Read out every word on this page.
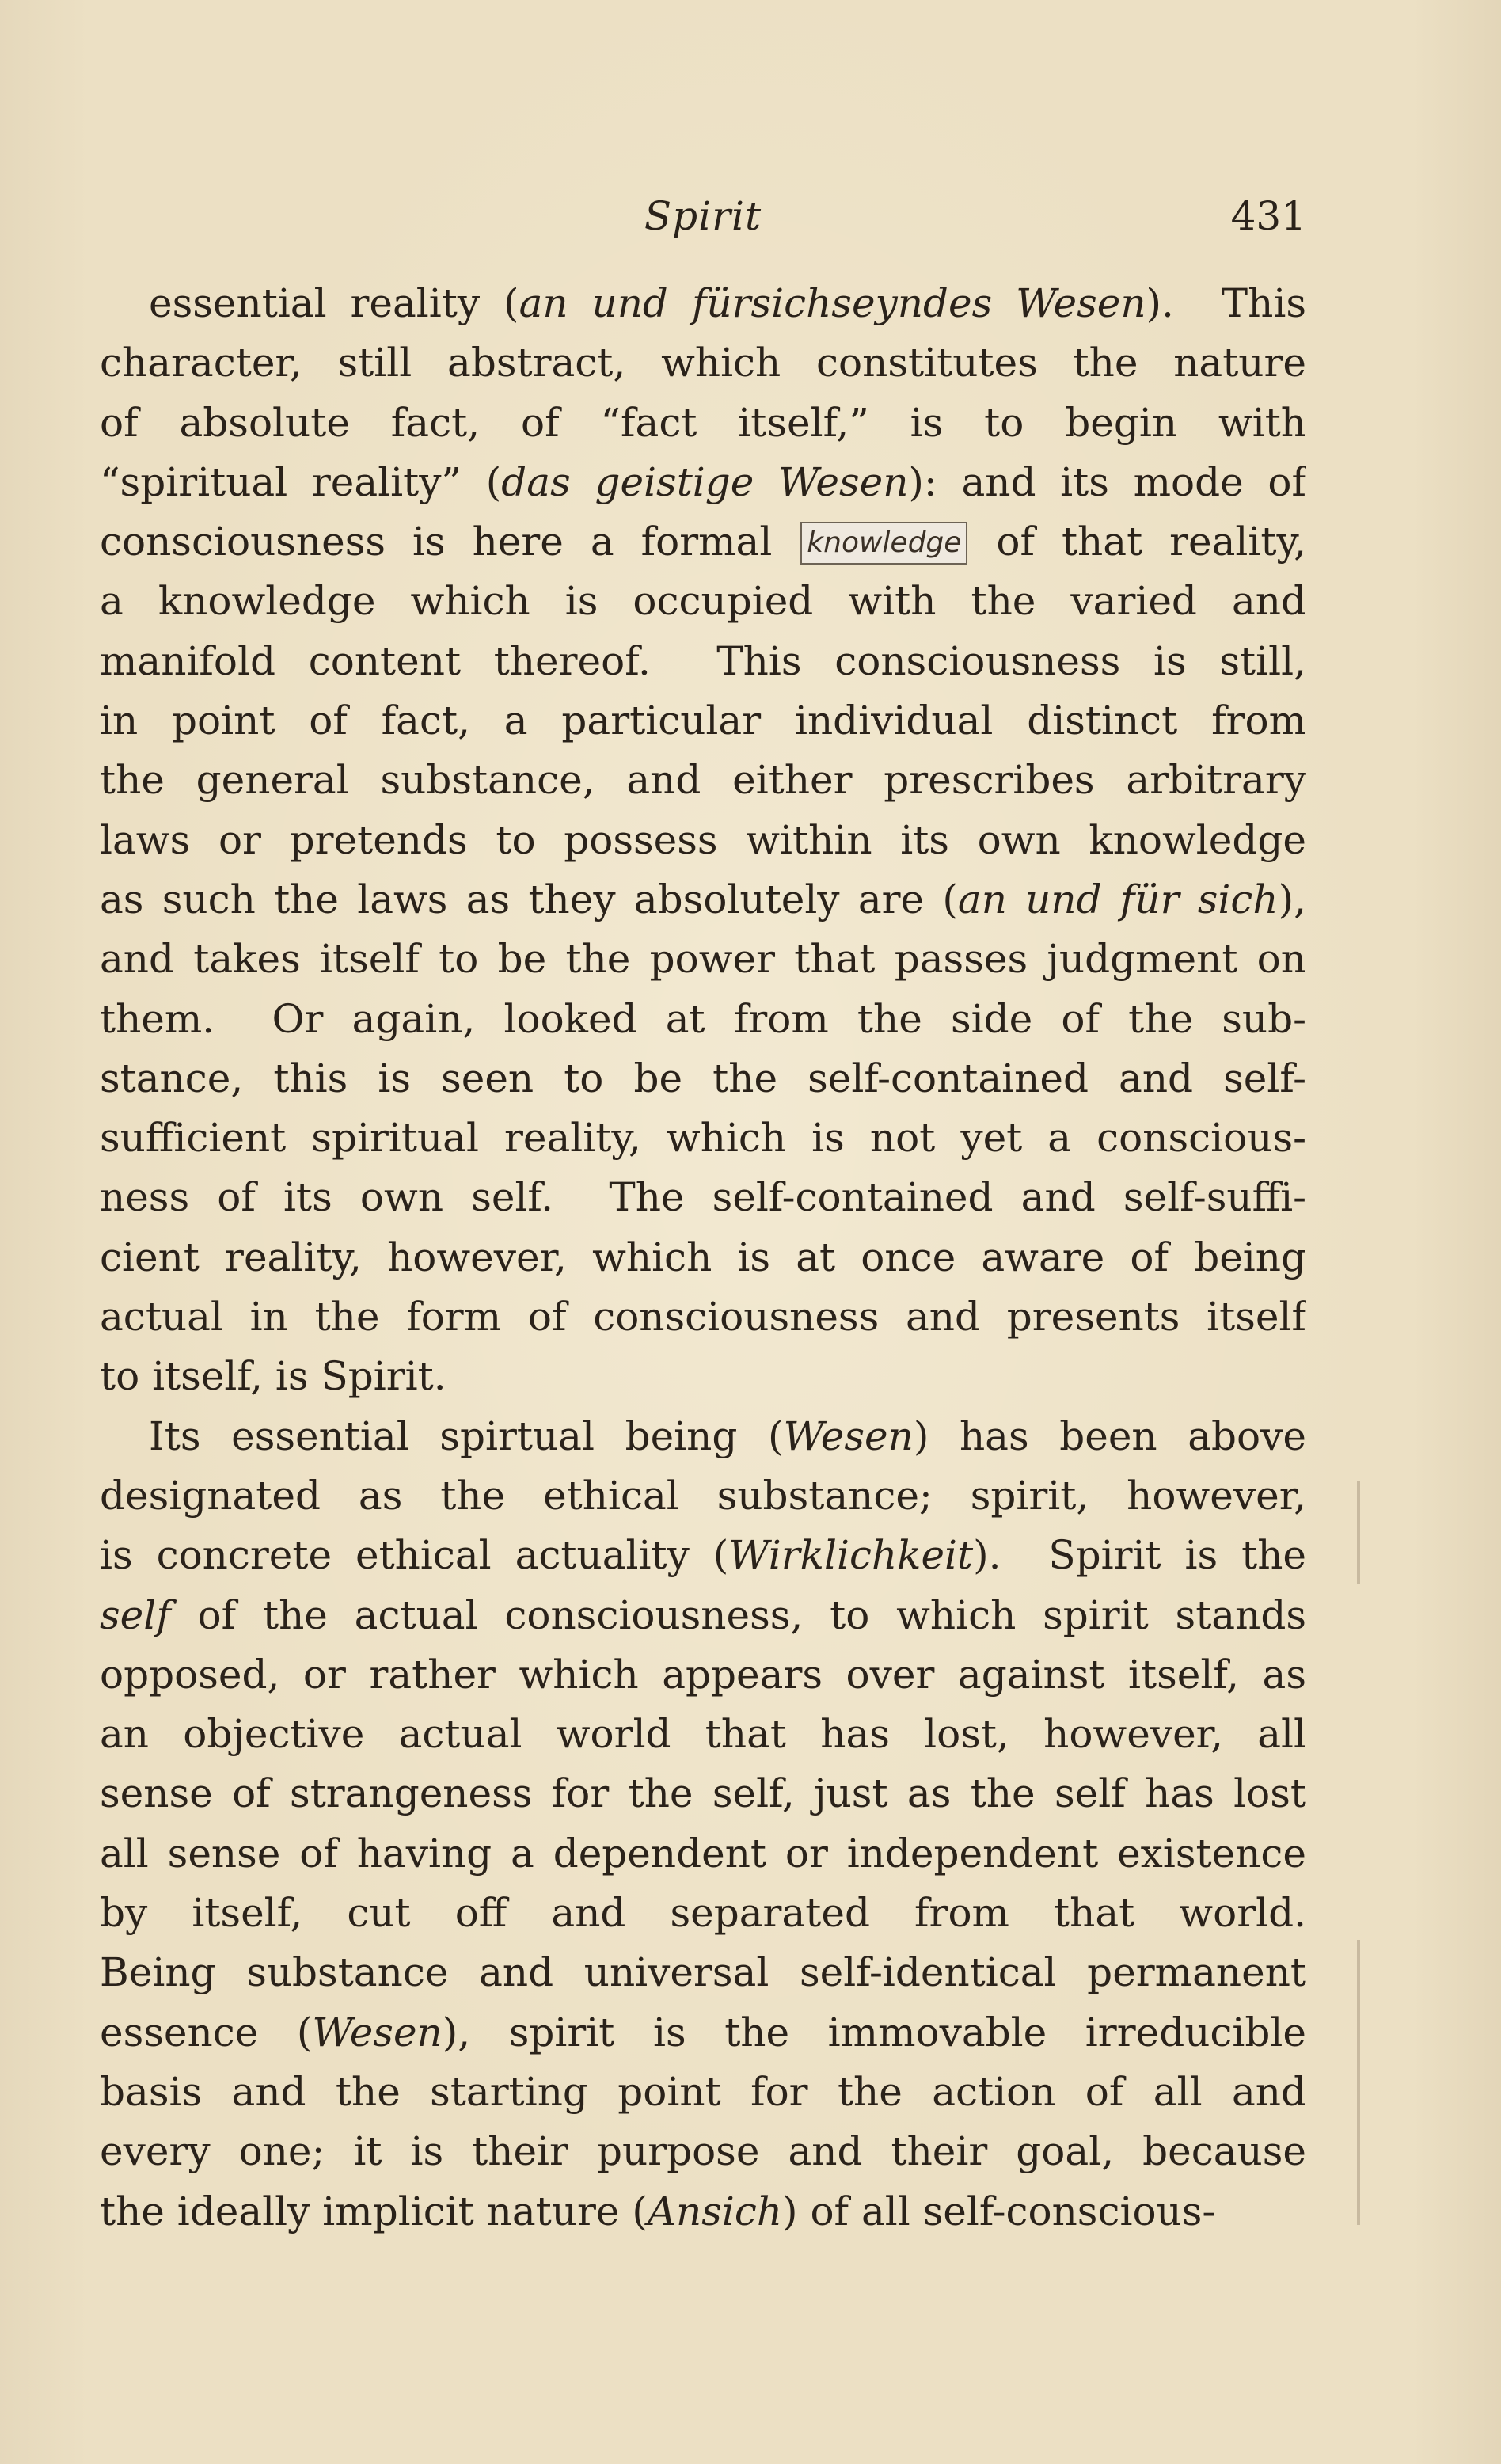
Spirit	431
essential reality (an und fürsichseyndes Wesen).  This
character, still abstract, which constitutes the nature
of absolute fact, of “fact itself,” is to begin with
“spiritual reality” (das geistige Wesen): and its mode of
consciousness is here a formal knowledge of that reality,
a knowledge which is occupied with the varied and
manifold content thereof.  This consciousness is still,
in point of fact, a particular individual distinct from
the general substance, and either prescribes arbitrary
laws or pretends to possess within its own knowledge
as such the laws as they absolutely are (an und für sich),
and takes itself to be the power that passes judgment on
them.  Or again, looked at from the side of the sub-
stance, this is seen to be the self-contained and self-
sufficient spiritual reality, which is not yet a conscious-
ness of its own self.  The self-contained and self-suffi-
cient reality, however, which is at once aware of being
actual in the form of consciousness and presents itself
to itself, is Spirit.
Its essential spirtual being (Wesen) has been above
designated as the ethical substance; spirit, however,
is concrete ethical actuality (Wirklichkeit).  Spirit is the
self of the actual consciousness, to which spirit stands
opposed, or rather which appears over against itself, as
an objective actual world that has lost, however, all
sense of strangeness for the self, just as the self has lost
all sense of having a dependent or independent existence
by itself, cut off and separated from that world.
Being substance and universal self-identical permanent
essence (Wesen), spirit is the immovable irreducible
basis and the starting point for the action of all and
every one; it is their purpose and their goal, because
the ideally implicit nature (Ansich) of all self-conscious-
